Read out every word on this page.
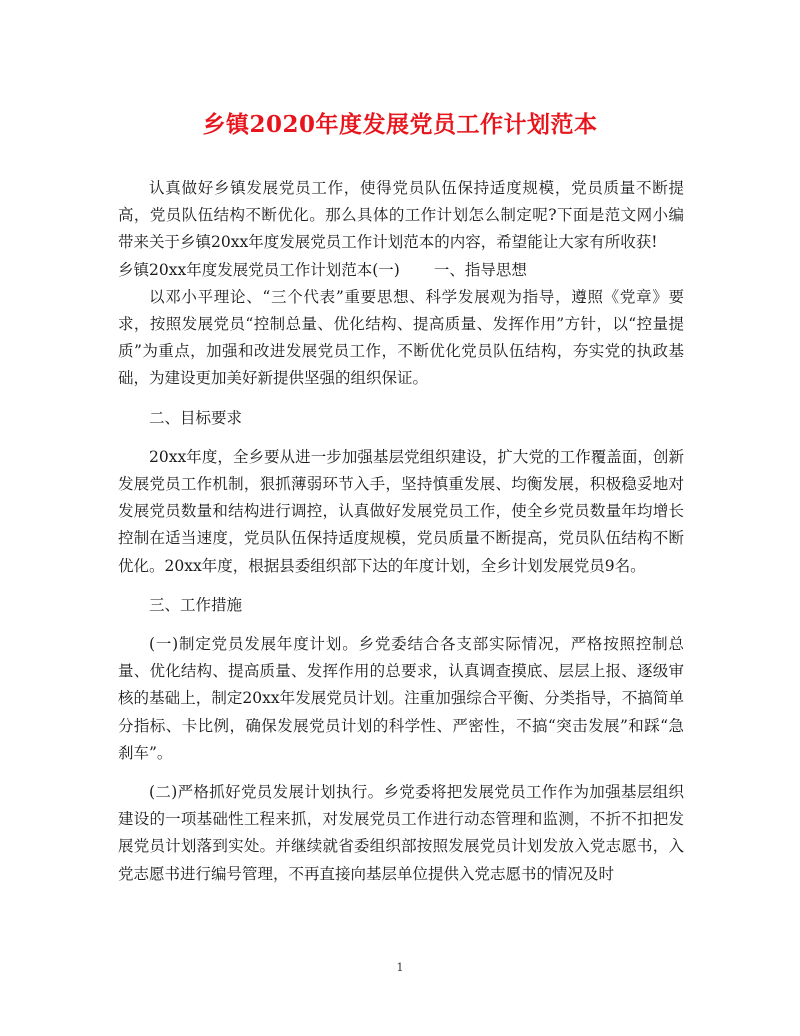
乡镇2020年度发展党员工作计划范本

认真做好乡镇发展党员工作，使得党员队伍保持适度规模，党员质量不断提高，党员队伍结构不断优化。那么具体的工作计划怎么制定呢?下面是范文网小编带来关于乡镇20xx年度发展党员工作计划范本的内容，希望能让大家有所收获!

乡镇20xx年度发展党员工作计划范本(一) 一、指导思想

以邓小平理论、“三个代表”重要思想、科学发展观为指导，遵照《党章》要求，按照发展党员“控制总量、优化结构、提高质量、发挥作用”方针，以“控量提质”为重点，加强和改进发展党员工作，不断优化党员队伍结构，夯实党的执政基础，为建设更加美好新提供坚强的组织保证。

二、目标要求

20xx年度，全乡要从进一步加强基层党组织建设，扩大党的工作覆盖面，创新发展党员工作机制，狠抓薄弱环节入手，坚持慎重发展、均衡发展，积极稳妥地对发展党员数量和结构进行调控，认真做好发展党员工作，使全乡党员数量年均增长控制在适当速度，党员队伍保持适度规模，党员质量不断提高，党员队伍结构不断优化。20xx年度，根据县委组织部下达的年度计划，全乡计划发展党员9名。

三、工作措施

(一)制定党员发展年度计划。乡党委结合各支部实际情况，严格按照控制总量、优化结构、提高质量、发挥作用的总要求，认真调查摸底、层层上报、逐级审核的基础上，制定20xx年发展党员计划。注重加强综合平衡、分类指导，不搞简单分指标、卡比例，确保发展党员计划的科学性、严密性，不搞“突击发展”和踩“急刹车”。

(二)严格抓好党员发展计划执行。乡党委将把发展党员工作作为加强基层组织建设的一项基础性工程来抓，对发展党员工作进行动态管理和监测，不折不扣把发展党员计划落到实处。并继续就省委组织部按照发展党员计划发放入党志愿书，入党志愿书进行编号管理，不再直接向基层单位提供入党志愿书的情况及时

1
